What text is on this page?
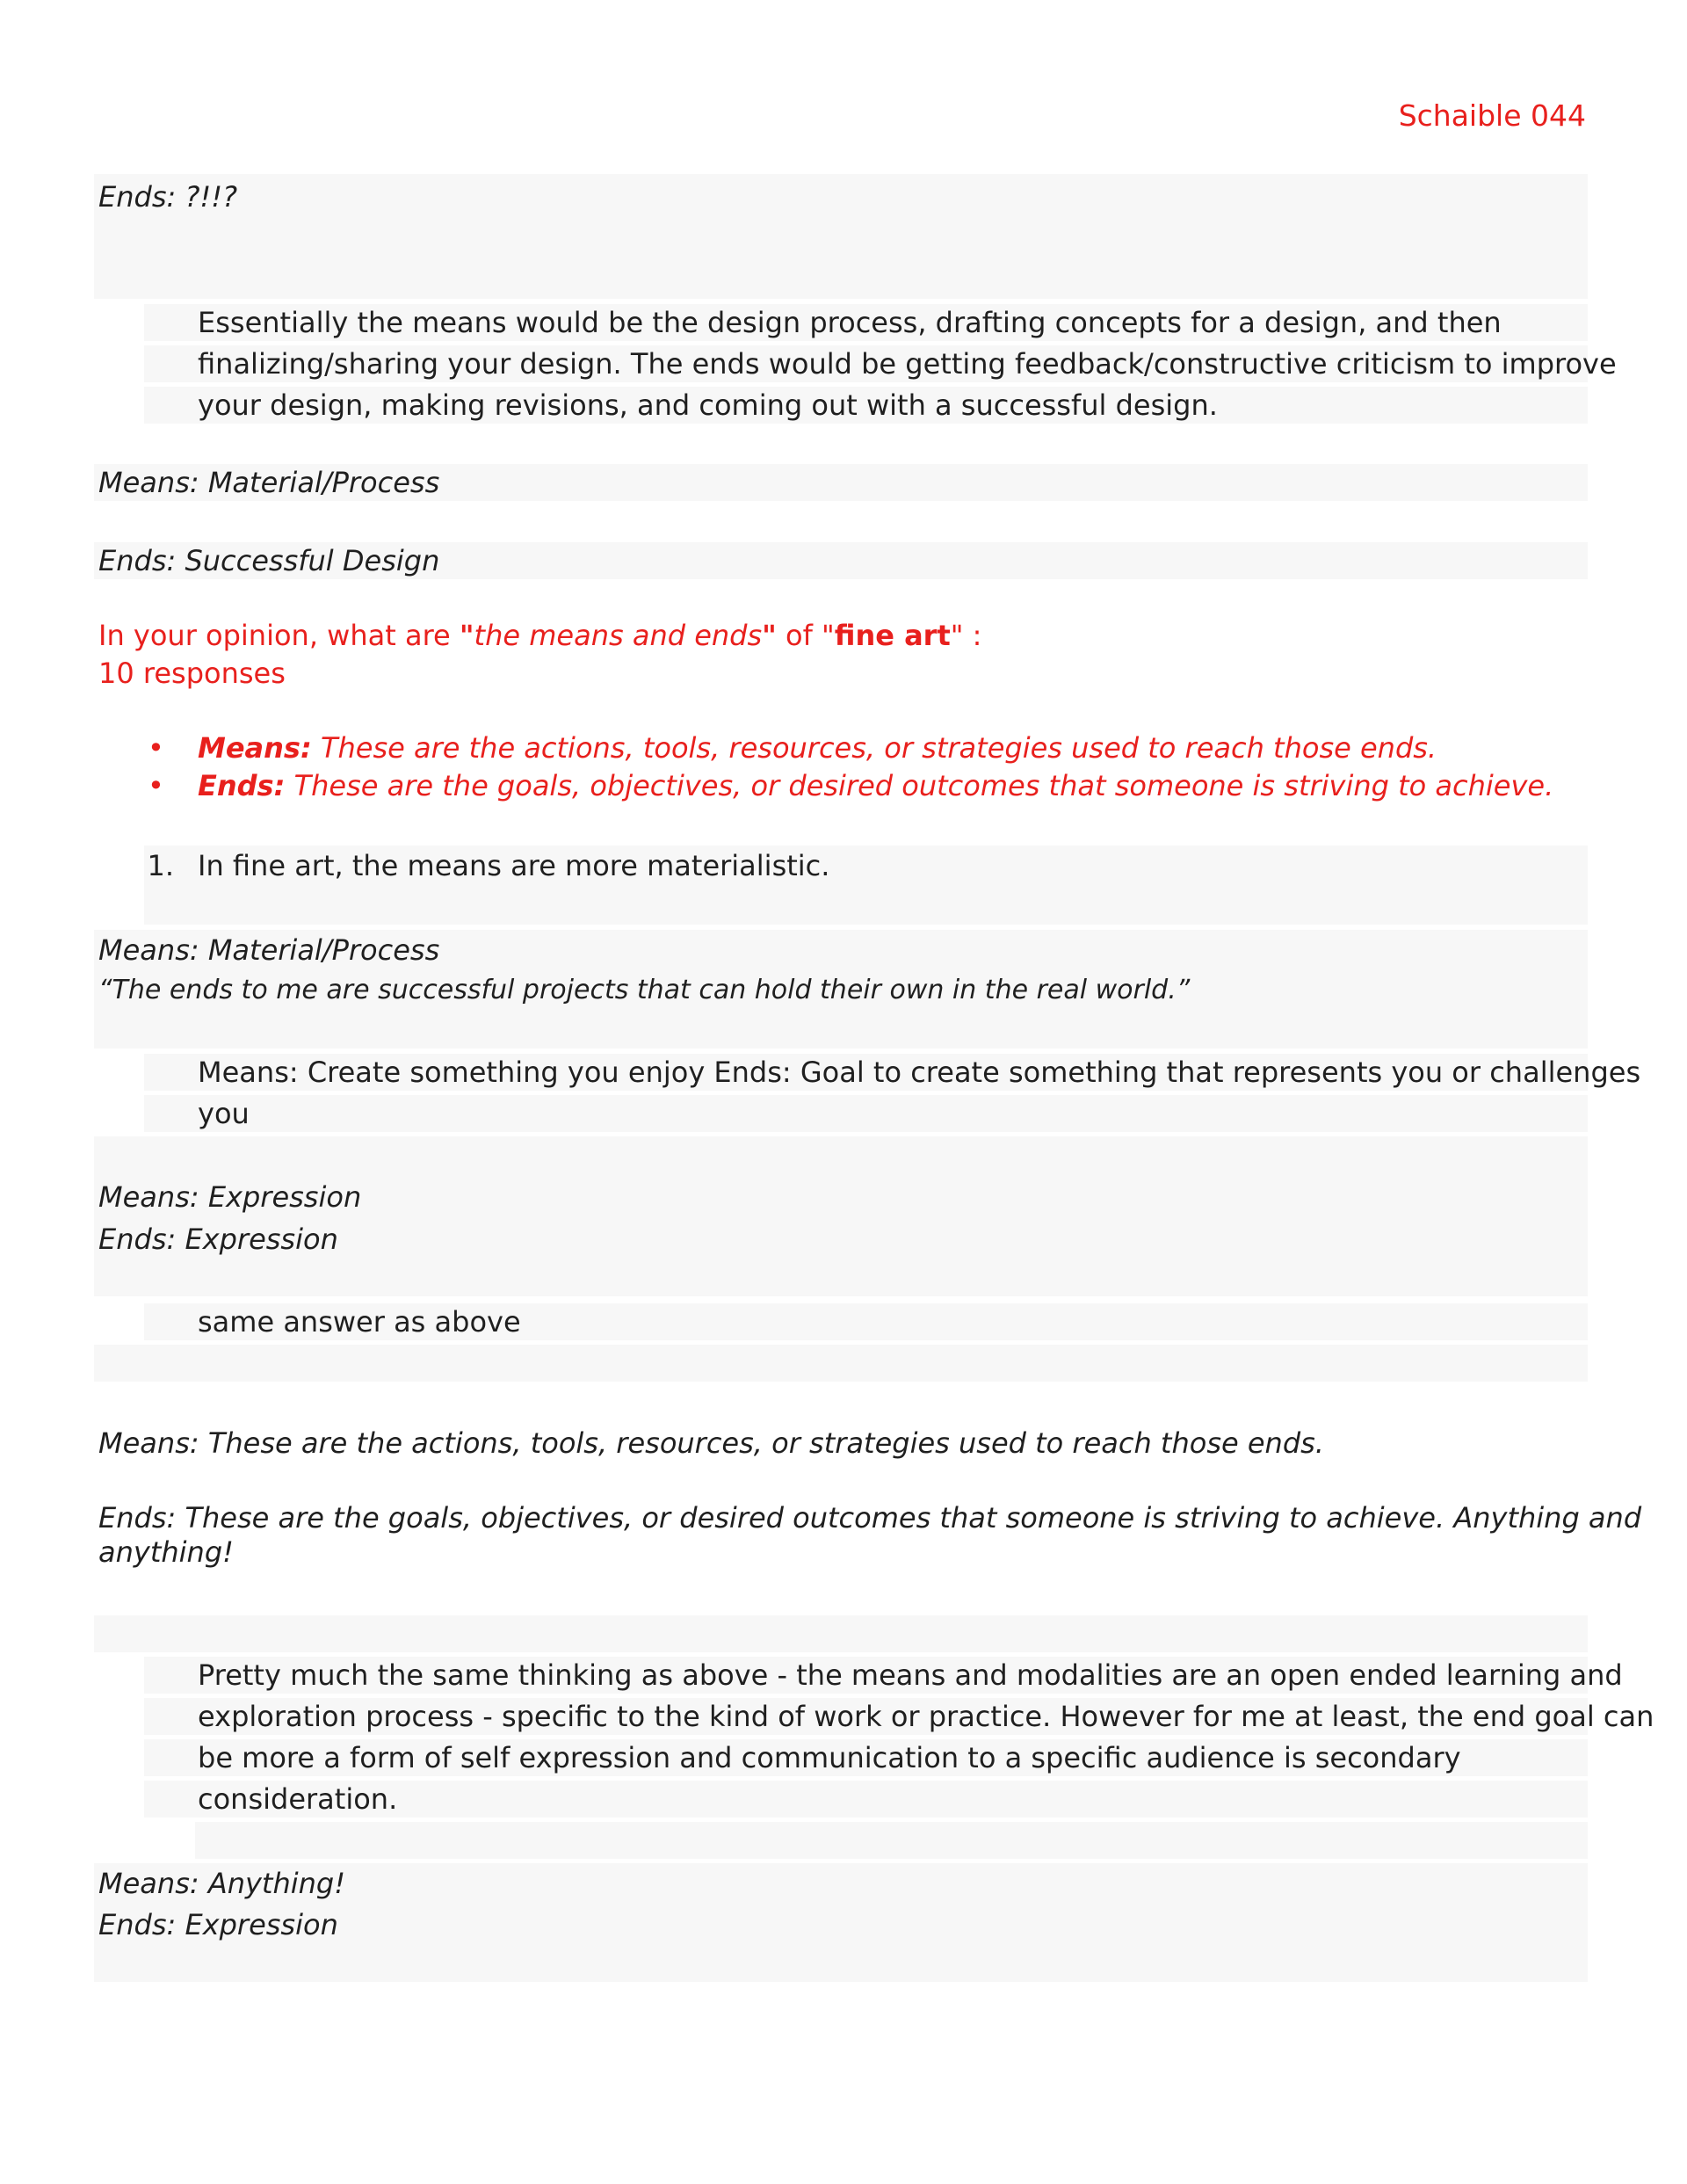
Schaible 044
Ends: ?!!?
Essentially the means would be the design process, drafting concepts for a design, and then
finalizing/sharing your design. The ends would be getting feedback/constructive criticism to improve
your design, making revisions, and coming out with a successful design.
Means: Material/Process
Ends: Successful Design
In your opinion, what are "the means and ends" of "fine art" :
10 responses
• Means: These are the actions, tools, resources, or strategies used to reach those ends.
• Ends: These are the goals, objectives, or desired outcomes that someone is striving to achieve.
1. In fine art, the means are more materialistic.
Means: Material/Process
“The ends to me are successful projects that can hold their own in the real world.”
Means: Create something you enjoy Ends: Goal to create something that represents you or challenges
you
Means: Expression
Ends: Expression
same answer as above
Means: These are the actions, tools, resources, or strategies used to reach those ends.
Ends: These are the goals, objectives, or desired outcomes that someone is striving to achieve. Anything and
anything!
Pretty much the same thinking as above - the means and modalities are an open ended learning and
exploration process - specific to the kind of work or practice. However for me at least, the end goal can
be more a form of self expression and communication to a specific audience is secondary
consideration.
Means: Anything!
Ends: Expression
